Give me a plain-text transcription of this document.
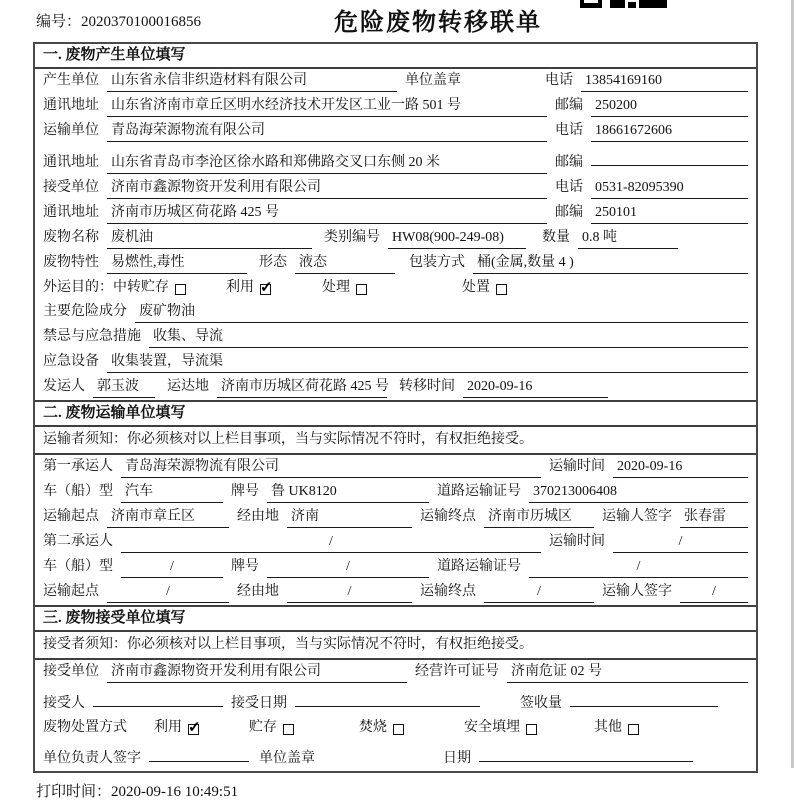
编号：2020370100016856	危险废物转移联单
一. 废物产生单位填写
产生单位 山东省永信非织造材料有限公司	单位盖章	电话 13854169160
通讯地址 山东省济南市章丘区明水经济技术开发区工业一路 501 号	邮编 250200
运输单位 青岛海荣源物流有限公司	电话 18661672606
通讯地址 山东省青岛市李沧区徐水路和郑佛路交叉口东侧 20 米	邮编
接受单位 济南市鑫源物资开发利用有限公司	电话 0531-82095390
通讯地址 济南市历城区荷花路 425 号	邮编 250101
废物名称 废机油	类别编号 HW08(900-249-08)	数量 0.8 吨
废物特性 易燃性,毒性	形态 液态	包装方式 桶(金属,数量 4 )
外运目的： 中转贮存	利用 ✓	处理	处置
主要危险成分 废矿物油
禁忌与应急措施 收集、导流
应急设备 收集装置，导流渠
发运人 郭玉波	运达地 济南市历城区荷花路 425 号 转移时间 2020-09-16
二. 废物运输单位填写
运输者须知：你必须核对以上栏目事项，当与实际情况不符时，有权拒绝接受。
第一承运人 青岛海荣源物流有限公司	运输时间 2020-09-16
车（船）型 汽车	牌号 鲁 UK8120	道路运输证号 370213006408
运输起点 济南市章丘区	经由地 济南	运输终点 济南市历城区	运输人签字 张春雷
第二承运人	/	运输时间	/
车（船）型	/	牌号	/	道路运输证号	/
运输起点	/	经由地	/	运输终点	/	运输人签字	/
三. 废物接受单位填写
接受者须知：你必须核对以上栏目事项，当与实际情况不符时，有权拒绝接受。
接受单位 济南市鑫源物资开发利用有限公司	经营许可证号 济南危证 02 号
接受人	接受日期	签收量
废物处置方式 利用 ✓	贮存	焚烧	安全填埋	其他
单位负责人签字	单位盖章	日期
打印时间：2020-09-16 10:49:51
